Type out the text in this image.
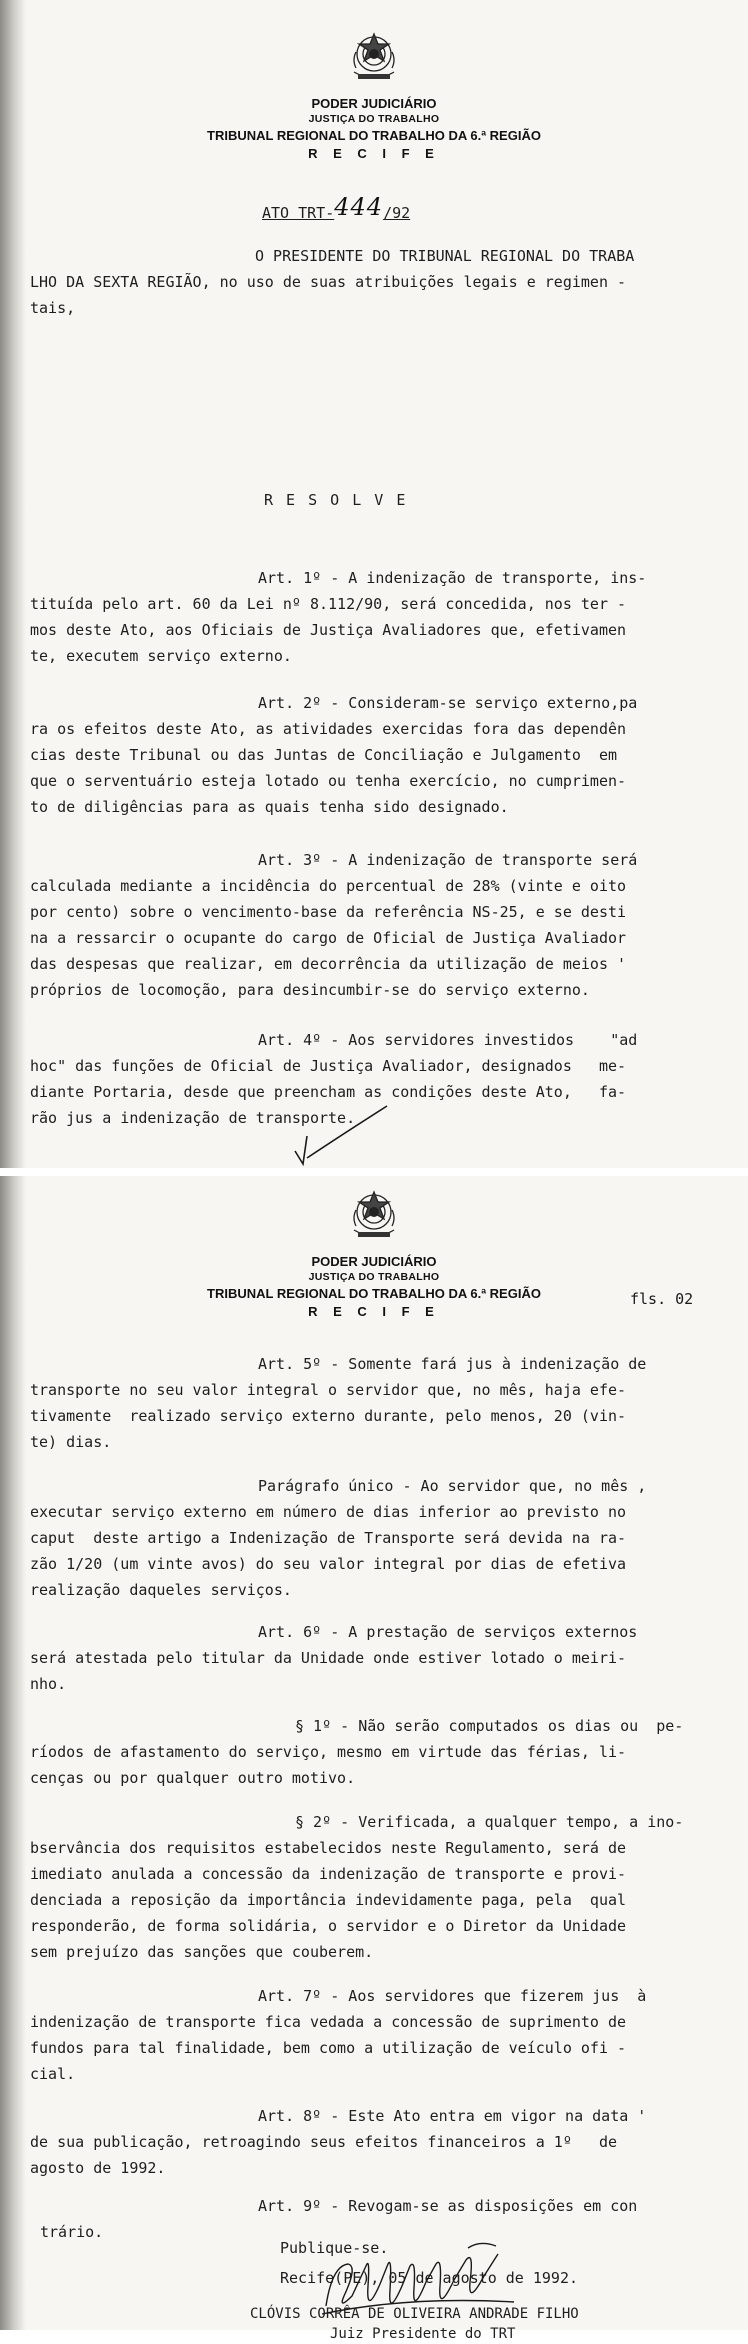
PODER JUDICIÁRIO
JUSTIÇA DO TRABALHO
TRIBUNAL REGIONAL DO TRABALHO DA 6.ª REGIÃO
R E C I F E
ATO TRT-444/92
O PRESIDENTE DO TRIBUNAL REGIONAL DO TRABA
LHO DA SEXTA REGIÃO, no uso de suas atribuições legais e regimen -
tais,
R E S O L V E
Art. 1º - A indenização de transporte, ins-
tituída pelo art. 60 da Lei nº 8.112/90, será concedida, nos ter -
mos deste Ato, aos Oficiais de Justiça Avaliadores que, efetivamen
te, executem serviço externo.
Art. 2º - Consideram-se serviço externo,pa
ra os efeitos deste Ato, as atividades exercidas fora das dependên
cias deste Tribunal ou das Juntas de Conciliação e Julgamento  em
que o serventuário esteja lotado ou tenha exercício, no cumprimen-
to de diligências para as quais tenha sido designado.
Art. 3º - A indenização de transporte será
calculada mediante a incidência do percentual de 28% (vinte e oito
por cento) sobre o vencimento-base da referência NS-25, e se desti
na a ressarcir o ocupante do cargo de Oficial de Justiça Avaliador
das despesas que realizar, em decorrência da utilização de meios '
próprios de locomoção, para desincumbir-se do serviço externo.
Art. 4º - Aos servidores investidos    "ad
hoc" das funções de Oficial de Justiça Avaliador, designados   me-
diante Portaria, desde que preencham as condições deste Ato,   fa-
rão jus a indenização de transporte.
PODER JUDICIÁRIO
JUSTIÇA DO TRABALHO
TRIBUNAL REGIONAL DO TRABALHO DA 6.ª REGIÃO
R E C I F E
fls. 02
Art. 5º - Somente fará jus à indenização de
transporte no seu valor integral o servidor que, no mês, haja efe-
tivamente  realizado serviço externo durante, pelo menos, 20 (vin-
te) dias.
Parágrafo único - Ao servidor que, no mês ,
executar serviço externo em número de dias inferior ao previsto no
caput  deste artigo a Indenização de Transporte será devida na ra-
zão 1/20 (um vinte avos) do seu valor integral por dias de efetiva
realização daqueles serviços.
Art. 6º - A prestação de serviços externos
será atestada pelo titular da Unidade onde estiver lotado o meiri-
nho.
§ 1º - Não serão computados os dias ou  pe-
ríodos de afastamento do serviço, mesmo em virtude das férias, li-
cenças ou por qualquer outro motivo.
§ 2º - Verificada, a qualquer tempo, a ino-
bservância dos requisitos estabelecidos neste Regulamento, será de
imediato anulada a concessão da indenização de transporte e provi-
denciada a reposição da importância indevidamente paga, pela  qual
responderão, de forma solidária, o servidor e o Diretor da Unidade
sem prejuízo das sanções que couberem.
Art. 7º - Aos servidores que fizerem jus  à
indenização de transporte fica vedada a concessão de suprimento de
fundos para tal finalidade, bem como a utilização de veículo ofi -
cial.
Art. 8º - Este Ato entra em vigor na data '
de sua publicação, retroagindo seus efeitos financeiros a 1º   de
agosto de 1992.
Art. 9º - Revogam-se as disposições em con
trário.
Publique-se.
Recife(PE), 05 de agosto de 1992.
CLÓVIS CORRÊA DE OLIVEIRA ANDRADE FILHO
Juiz Presidente do TRT
